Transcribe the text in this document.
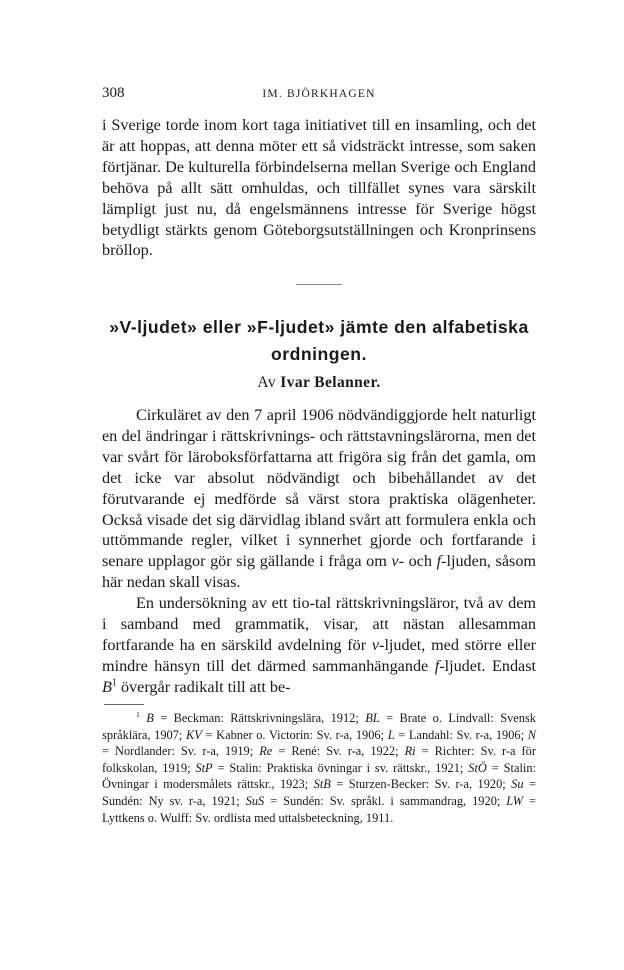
308	IM. BJÖRKHAGEN

i Sverige torde inom kort taga initiativet till en insamling, och det är att hoppas, att denna möter ett så vidsträckt intresse, som saken förtjänar. De kulturella förbindelserna mellan Sverige och England behöva på allt sätt omhuldas, och tillfället synes vara särskilt lämpligt just nu, då engelsmännens intresse för Sverige högst betydligt stärkts genom Göteborgsutställningen och Kronprinsens bröllop.

»V-ljudet» eller »F-ljudet» jämte den alfabetiska ordningen.
Av Ivar Belanner.

Cirkuläret av den 7 april 1906 nödvändiggjorde helt naturligt en del ändringar i rättskrivnings- och rättstavningslärorna, men det var svårt för läroboksförfattarna att frigöra sig från det gamla, om det icke var absolut nödvändigt och bibehållandet av det förutvarande ej medförde så värst stora praktiska olägenheter. Också visade det sig därvidlag ibland svårt att formulera enkla och uttömmande regler, vilket i synnerhet gjorde och fortfarande i senare upplagor gör sig gällande i fråga om v- och f-ljuden, såsom här nedan skall visas.

En undersökning av ett tio-tal rättskrivningsläror, två av dem i samband med grammatik, visar, att nästan allesamman fortfarande ha en särskild avdelning för v-ljudet, med större eller mindre hänsyn till det därmed sammanhängande f-ljudet. Endast $B^1$ övergår radikalt till att be-

$^1$ B = Beckman: Rättskrivningslära, 1912; BL = Brate o. Lindvall: Svensk språklära, 1907; KV = Kabner o. Victorin: Sv. r-a, 1906; L = Landahl: Sv. r-a, 1906; N = Nordlander: Sv. r-a, 1919; Re = René: Sv. r-a, 1922; Ri = Richter: Sv. r-a för folkskolan, 1919; StP = Stalin: Praktiska övningar i sv. rättskr., 1921; StÖ = Stalin: Övningar i modersmålets rättskr., 1923; StB = Sturzen-Becker: Sv. r-a, 1920; Su = Sundén: Ny sv. r-a, 1921; SuS = Sundén: Sv. språkl. i sammandrag, 1920; LW = Lyttkens o. Wulff: Sv. ordlista med uttalsbeteckning, 1911.
